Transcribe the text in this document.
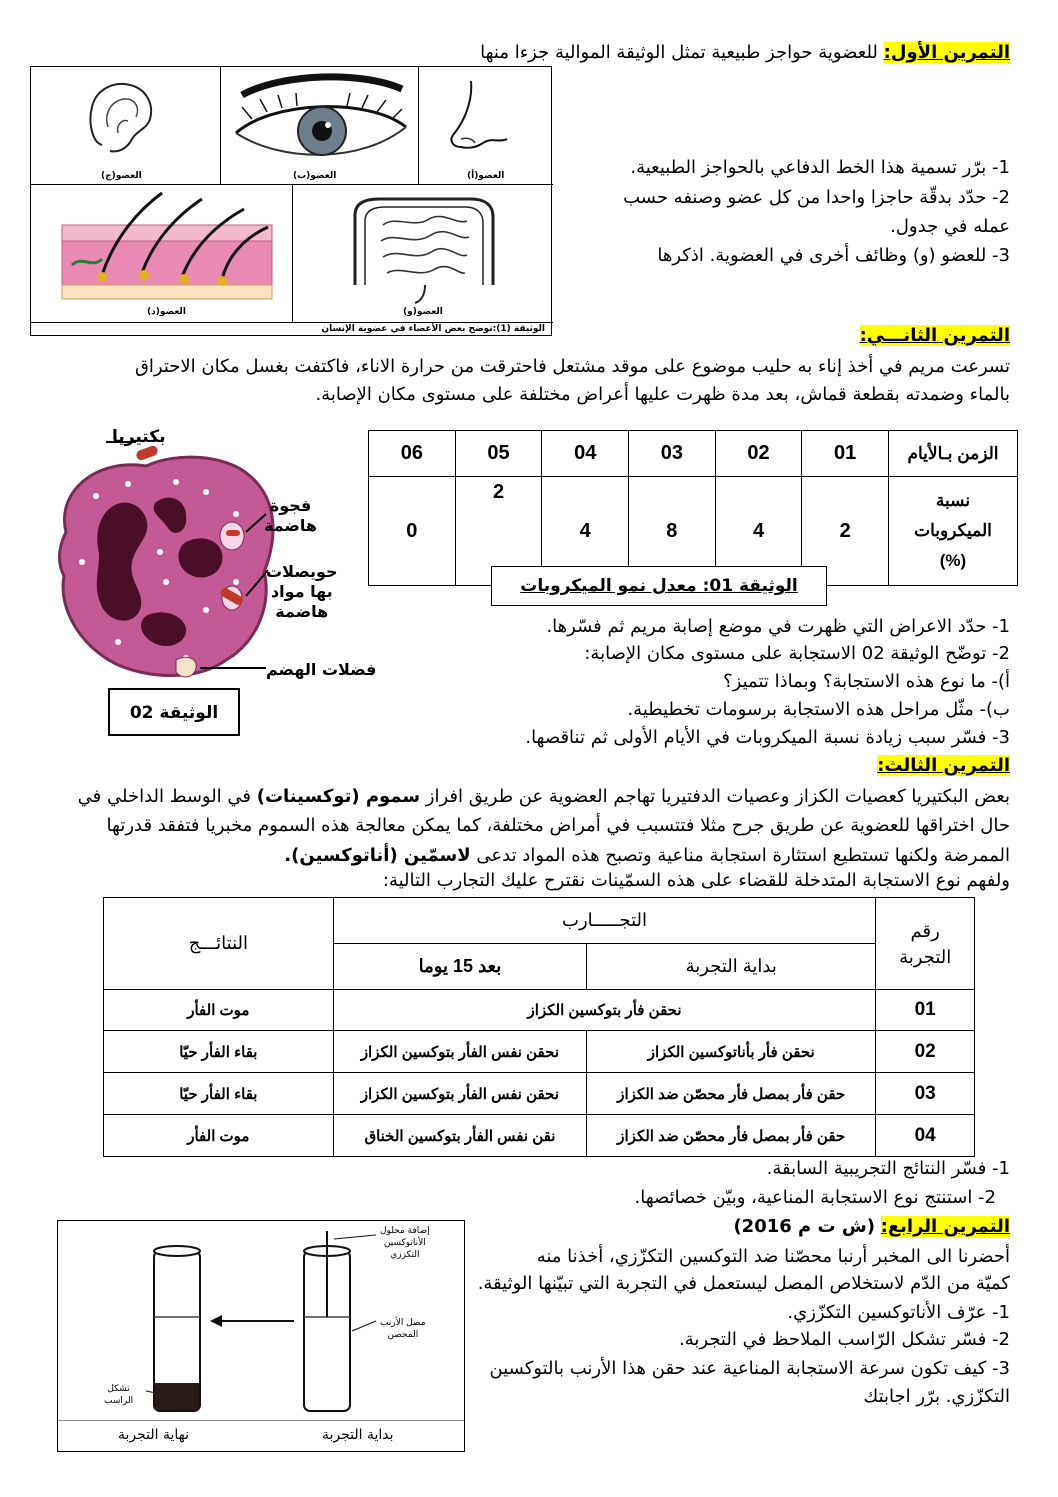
التمرين الأول: للعضوية حواجز طبيعية تمثل الوثيقة الموالية جزءا منها
العضو(ج)	العضو(ب)	العضو(أ)
العضو(د)	العضو(و)
الوثيقة (1):توضح بعض الأعضاء في عضوية الإنسان
1- برّر تسمية هذا الخط الدفاعي بالحواجز الطبيعية.
2- حدّد بدقّة حاجزا واحدا من كل عضو وصنفه حسب
عمله في جدول.
3- للعضو (و) وظائف أخرى في العضوية. اذكرها
التمرين الثانـــي:
تسرعت مريم في أخذ إناء به حليب موضوع على موقد مشتعل فاحترقت من حرارة الاناء، فاكتفت بغسل مكان الاحتراق
بالماء وضمدته بقطعة قماش، بعد مدة ظهرت عليها أعراض مختلفة على مستوى مكان الإصابة.
الزمن بـالأيام	01	02	03	04	05	06

نسبة
الميكروبات
(%)	2	4	8	4	2	0
الوثيقة 01: معدل نمو الميكروبات
بكتيريا
فجوة
هاضمة
حويصلات
بها مواد
هاضمة
فضلات الهضم
الوثيقة 02
1- حدّد الاعراض التي ظهرت في موضع إصابة مريم ثم فسّرها.
2- توضّح الوثيقة 02 الاستجابة على مستوى مكان الإصابة:
أ)- ما نوع هذه الاستجابة؟ وبماذا تتميز؟
ب)- مثّل مراحل هذه الاستجابة برسومات تخطيطية.
3- فسّر سبب زيادة نسبة الميكروبات في الأيام الأولى ثم تناقصها.
التمرين الثالث:
بعض البكتيريا كعصيات الكزاز وعصيات الدفتيريا تهاجم العضوية عن طريق افراز سموم (توكسينات) في الوسط الداخلي في
حال اختراقها للعضوية عن طريق جرح مثلا فتتسبب في أمراض مختلفة، كما يمكن معالجة هذه السموم مخبريا فتفقد قدرتها
الممرضة ولكنها تستطيع استثارة استجابة مناعية وتصبح هذه المواد تدعى لاسمّين (أناتوكسين).
ولفهم نوع الاستجابة المتدخلة للقضاء على هذه السمّينات نقترح عليك التجارب التالية:
رقم
التجربة	التجـــــارب		النتائـــج
	بداية التجربة	بعد 15 يوما	
01	نحقن فأر بتوكسين الكزاز		موت الفأر
02	نحقن فأر بأناتوكسين الكزاز	نحقن نفس الفأر بتوكسين الكزاز	بقاء الفأر حيّا
03	حقن فأر بمصل فأر محصّن ضد الكزاز	نحقن نفس الفأر بتوكسين الكزاز	بقاء الفأر حيّا
04	حقن فأر بمصل فأر محصّن ضد الكزاز	نقن نفس الفأر بتوكسين الخناق	موت الفأر
1- فسّر النتائج التجريبية السابقة.
2- استنتج نوع الاستجابة المناعية، وبيّن خصائصها.
التمرين الرابع: (ش ت م 2016)
أحضرنا الى المخبر أرنبا محصّنا ضد التوكسين التكزّزي، أخذنا منه
كميّة من الدّم لاستخلاص المصل ليستعمل في التجربة التي تبيّنها الوثيقة.
1- عرّف الأناتوكسين التكزّزي.
2- فسّر تشكل الرّاسب الملاحظ في التجربة.
3- كيف تكون سرعة الاستجابة المناعية عند حقن هذا الأرنب بالتوكسين
التكزّزي. برّر اجابتك
إضافة محلول
الأناتوكسين
التكززي
مصل الأرنب
المحصن
تشكل
الراسب
نهاية التجربة	بداية التجربة
